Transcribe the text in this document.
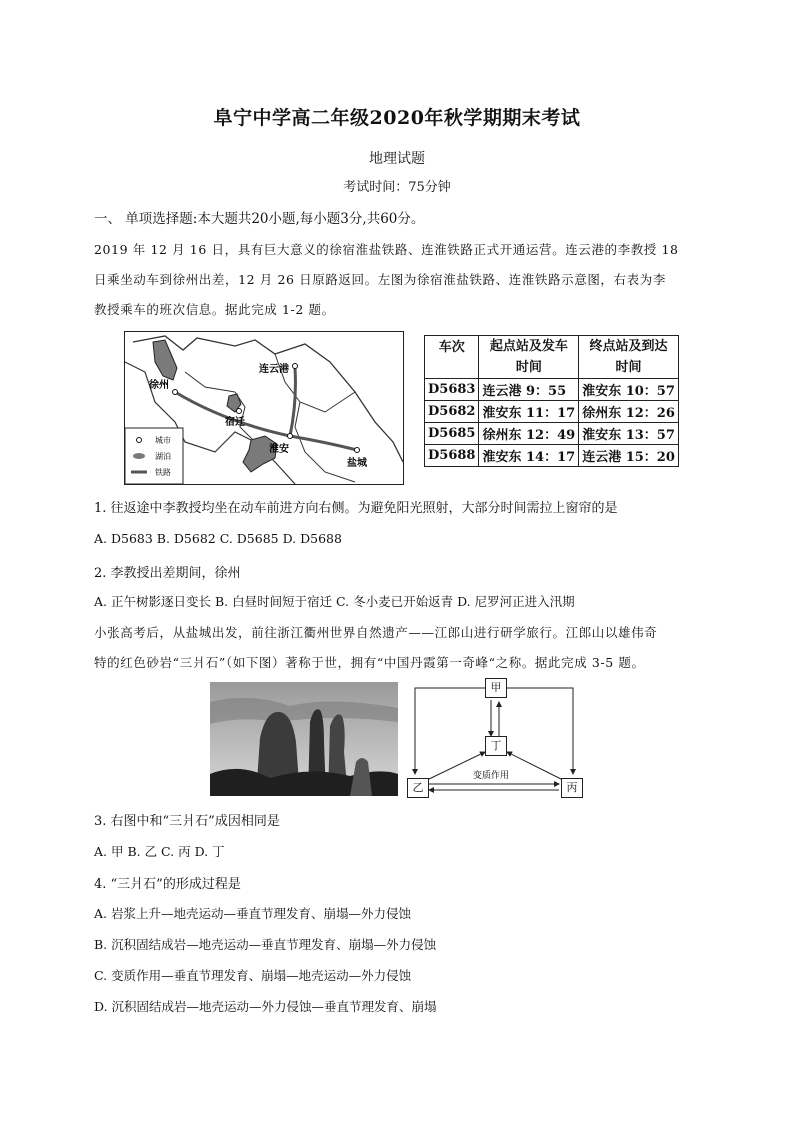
阜宁中学高二年级2020年秋学期期末考试
地理试题
考试时间：75分钟
一、 单项选择题:本大题共20小题,每小题3分,共60分。
2019 年 12 月 16 日，具有巨大意义的徐宿淮盐铁路、连淮铁路正式开通运营。连云港的李教授 18
日乘坐动车到徐州出差，12 月 26 日原路返回。左图为徐宿淮盐铁路、连淮铁路示意图，右表为李
教授乘车的班次信息。据此完成 1-2 题。
连云港
徐州
宿迁
淮安
盐城
城市
湖泊
铁路
车次	起点站及发车	终点站及到达
	时间	时间
D5683	连云港 9：55	淮安东 10：57
D5682	淮安东 11：17	徐州东 12：26
D5685	徐州东 12：49	淮安东 13：57
D5688	淮安东 14：17	连云港 15：20
1. 往返途中李教授均坐在动车前进方向右侧。为避免阳光照射，大部分时间需拉上窗帘的是
A. D5683 B. D5682 C. D5685 D. D5688
2. 李教授出差期间，徐州
A. 正午树影逐日变长 B. 白昼时间短于宿迁 C. 冬小麦已开始返青 D. 尼罗河正进入汛期
小张高考后，从盐城出发，前往浙江衢州世界自然遗产——江郎山进行研学旅行。江郎山以雄伟奇
特的红色砂岩“三爿石”（如下图）著称于世，拥有“中国丹霞第一奇峰“之称。据此完成 3-5 题。
变质作用
甲
乙	丙
丁
3. 右图中和“三爿石”成因相同是
A. 甲 B. 乙 C. 丙 D. 丁
4. “三爿石”的形成过程是
A. 岩浆上升—地壳运动—垂直节理发育、崩塌—外力侵蚀
B. 沉积固结成岩—地壳运动—垂直节理发育、崩塌—外力侵蚀
C. 变质作用—垂直节理发育、崩塌—地壳运动—外力侵蚀
D. 沉积固结成岩—地壳运动—外力侵蚀—垂直节理发育、崩塌
